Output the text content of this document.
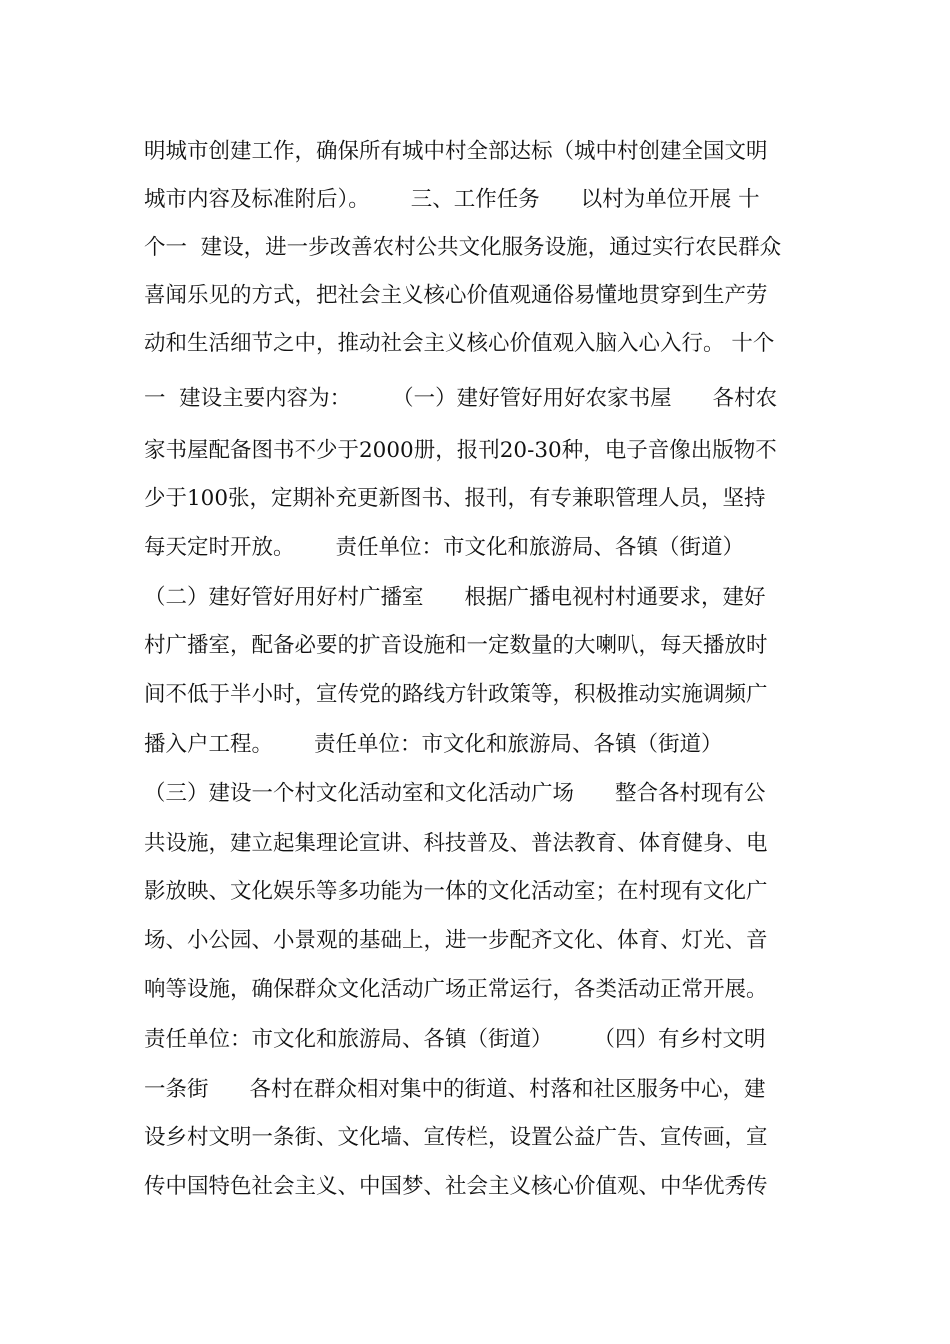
明城市创建工作，确保所有城中村全部达标（城中村创建全国文明
城市内容及标准附后）。      三、工作任务      以村为单位开展 十
个一  建设，进一步改善农村公共文化服务设施，通过实行农民群众
喜闻乐见的方式，把社会主义核心价值观通俗易懂地贯穿到生产劳
动和生活细节之中，推动社会主义核心价值观入脑入心入行。 十个
一  建设主要内容为：      （一）建好管好用好农家书屋      各村农
家书屋配备图书不少于2000册，报刊20-30种，电子音像出版物不
少于100张，定期补充更新图书、报刊，有专兼职管理人员，坚持
每天定时开放。      责任单位：市文化和旅游局、各镇（街道）
（二）建好管好用好村广播室      根据广播电视村村通要求，建好
村广播室，配备必要的扩音设施和一定数量的大喇叭，每天播放时
间不低于半小时，宣传党的路线方针政策等，积极推动实施调频广
播入户工程。      责任单位：市文化和旅游局、各镇（街道）
（三）建设一个村文化活动室和文化活动广场      整合各村现有公
共设施，建立起集理论宣讲、科技普及、普法教育、体育健身、电
影放映、文化娱乐等多功能为一体的文化活动室；在村现有文化广
场、小公园、小景观的基础上，进一步配齐文化、体育、灯光、音
响等设施，确保群众文化活动广场正常运行，各类活动正常开展。
责任单位：市文化和旅游局、各镇（街道）      （四）有乡村文明
一条街      各村在群众相对集中的街道、村落和社区服务中心，建
设乡村文明一条街、文化墙、宣传栏，设置公益广告、宣传画，宣
传中国特色社会主义、中国梦、社会主义核心价值观、中华优秀传
